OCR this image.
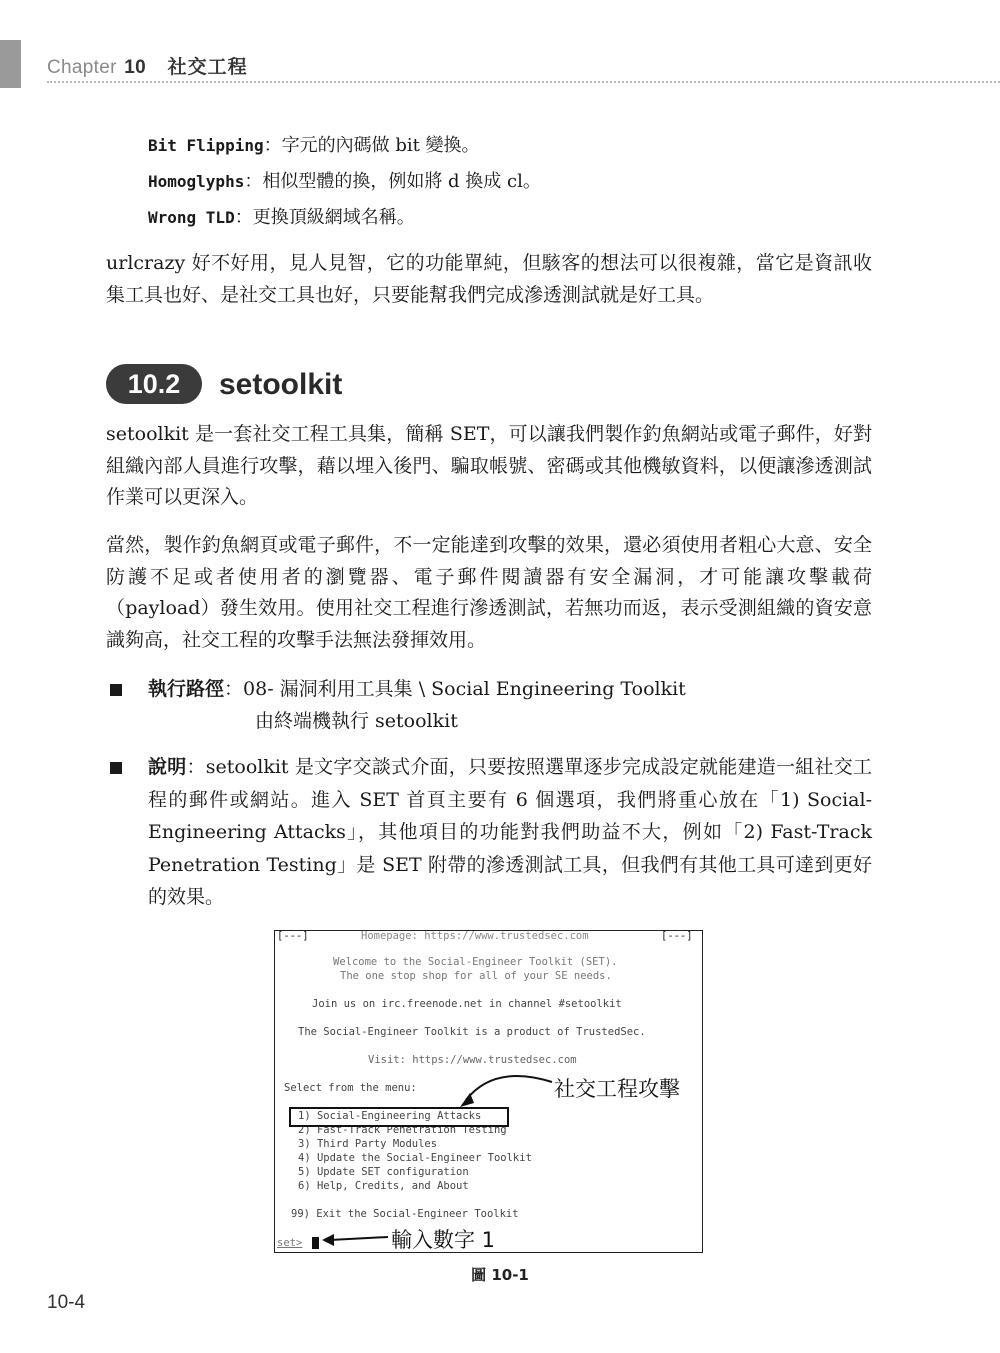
Chapter 10 社交工程
Bit Flipping：字元的內碼做 bit 變換。
Homoglyphs：相似型體的換，例如將 d 換成 cl。
Wrong TLD：更換頂級網域名稱。

urlcrazy 好不好用，見人見智，它的功能單純，但駭客的想法可以很複雜，當它是資訊收集工具也好、是社交工具也好，只要能幫我們完成滲透測試就是好工具。

10.2	setoolkit

setoolkit 是一套社交工程工具集，簡稱 SET，可以讓我們製作釣魚網站或電子郵件，好對組織內部人員進行攻擊，藉以埋入後門、騙取帳號、密碼或其他機敏資料，以便讓滲透測試作業可以更深入。

當然，製作釣魚網頁或電子郵件，不一定能達到攻擊的效果，還必須使用者粗心大意、安全防護不足或者使用者的瀏覽器、電子郵件閱讀器有安全漏洞，才可能讓攻擊載荷（payload）發生效用。使用社交工程進行滲透測試，若無功而返，表示受測組織的資安意識夠高，社交工程的攻擊手法無法發揮效用。

執行路徑：08- 漏洞利用工具集 \ Social Engineering Toolkit
由終端機執行 setoolkit

說明：setoolkit 是文字交談式介面，只要按照選單逐步完成設定就能建造一組社交工程的郵件或網站。進入 SET 首頁主要有 6 個選項，我們將重心放在「1) Social-Engineering Attacks」，其他項目的功能對我們助益不大，例如「2) Fast-Track Penetration Testing」是 SET 附帶的滲透測試工具，但我們有其他工具可達到更好的效果。

[---]	Homepage: https://www.trustedsec.com	[---]
Welcome to the Social-Engineer Toolkit (SET).
The one stop shop for all of your SE needs.
Join us on irc.freenode.net in channel #setoolkit
The Social-Engineer Toolkit is a product of TrustedSec.
Visit: https://www.trustedsec.com
Select from the menu:
1) Social-Engineering Attacks
2) Fast-Track Penetration Testing
3) Third Party Modules
4) Update the Social-Engineer Toolkit
5) Update SET configuration
6) Help, Credits, and About
99) Exit the Social-Engineer Toolkit
set>
社交工程攻擊
輸入數字 1
圖 10-1
10-4
